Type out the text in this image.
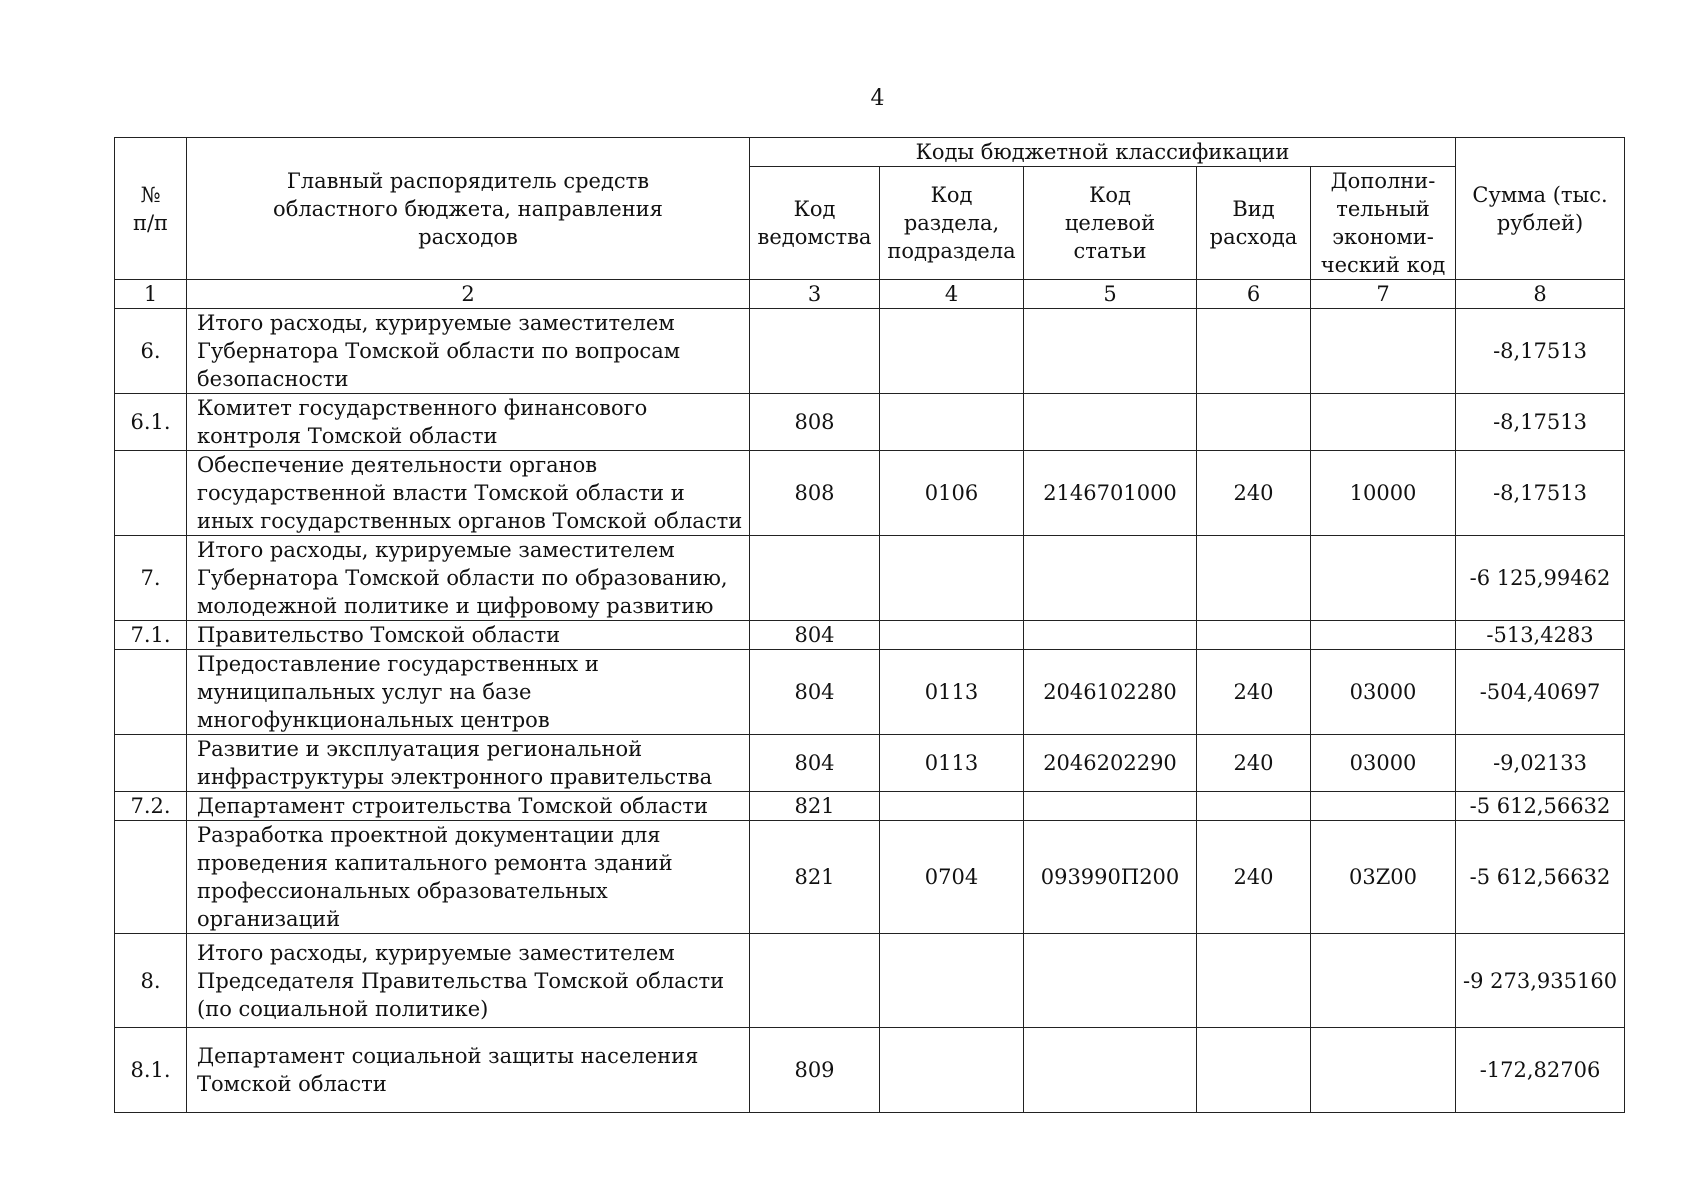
4
№
п/п	Главный распорядитель средств областного бюджета, направления расходов	Коды бюджетной классификации					Сумма (тыс. рублей)
		Код ведомства	Код раздела, подраздела	Код целевой статьи	Вид расхода	Дополни-тельный экономи-ческий код	
1	2	3	4	5	6	7	8
6.	Итого расходы, курируемые заместителем Губернатора Томской области по вопросам безопасности						-8,17513
6.1.	Комитет государственного финансового контроля Томской области	808					-8,17513
	Обеспечение деятельности органов государственной власти Томской области и иных государственных органов Томской области	808	0106	2146701000	240	10000	-8,17513
7.	Итого расходы, курируемые заместителем Губернатора Томской области по образованию, молодежной политике и цифровому развитию						-6 125,99462
7.1.	Правительство Томской области	804					-513,4283
	Предоставление государственных и муниципальных услуг на базе многофункциональных центров	804	0113	2046102280	240	03000	-504,40697
	Развитие и эксплуатация региональной инфраструктуры электронного правительства	804	0113	2046202290	240	03000	-9,02133
7.2.	Департамент строительства Томской области	821					-5 612,56632
	Разработка проектной документации для проведения капитального ремонта зданий профессиональных образовательных организаций	821	0704	093990П200	240	03Z00	-5 612,56632
8.	Итого расходы, курируемые заместителем Председателя Правительства Томской области (по социальной политике)						-9 273,935160
8.1.	Департамент социальной защиты населения Томской области	809					-172,82706
